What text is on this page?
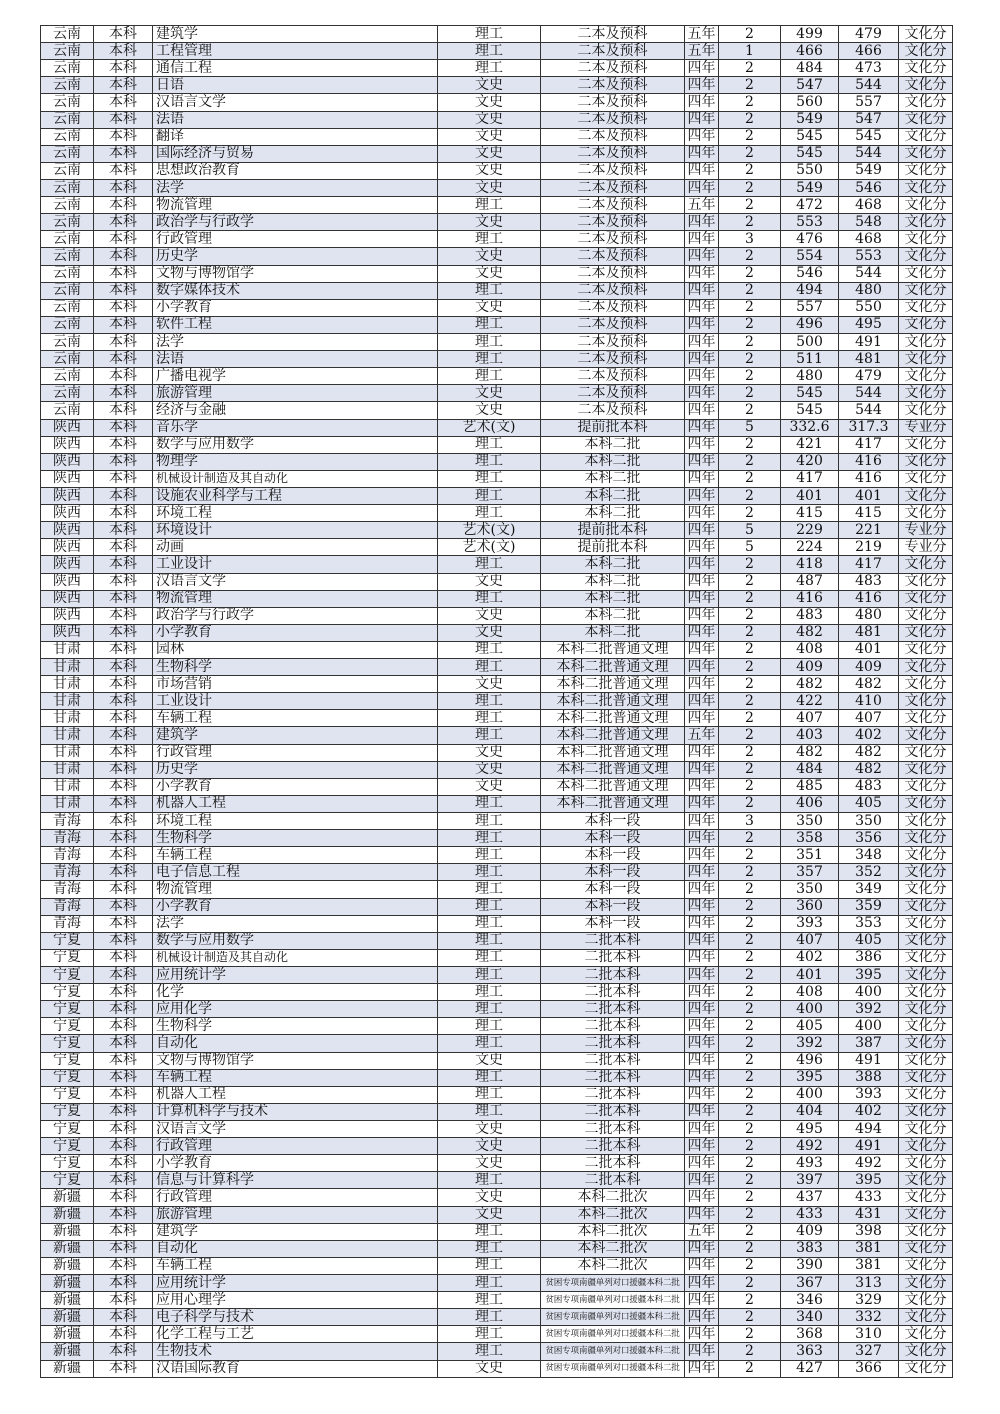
云南	本科	建筑学	理工	二本及预科	五年	2	499	479	文化分
云南	本科	工程管理	理工	二本及预科	五年	1	466	466	文化分
云南	本科	通信工程	理工	二本及预科	四年	2	484	473	文化分
云南	本科	日语	文史	二本及预科	四年	2	547	544	文化分
云南	本科	汉语言文学	文史	二本及预科	四年	2	560	557	文化分
云南	本科	法语	文史	二本及预科	四年	2	549	547	文化分
云南	本科	翻译	文史	二本及预科	四年	2	545	545	文化分
云南	本科	国际经济与贸易	文史	二本及预科	四年	2	545	544	文化分
云南	本科	思想政治教育	文史	二本及预科	四年	2	550	549	文化分
云南	本科	法学	文史	二本及预科	四年	2	549	546	文化分
云南	本科	物流管理	理工	二本及预科	五年	2	472	468	文化分
云南	本科	政治学与行政学	文史	二本及预科	四年	2	553	548	文化分
云南	本科	行政管理	理工	二本及预科	四年	3	476	468	文化分
云南	本科	历史学	文史	二本及预科	四年	2	554	553	文化分
云南	本科	文物与博物馆学	文史	二本及预科	四年	2	546	544	文化分
云南	本科	数字媒体技术	理工	二本及预科	四年	2	494	480	文化分
云南	本科	小学教育	文史	二本及预科	四年	2	557	550	文化分
云南	本科	软件工程	理工	二本及预科	四年	2	496	495	文化分
云南	本科	法学	理工	二本及预科	四年	2	500	491	文化分
云南	本科	法语	理工	二本及预科	四年	2	511	481	文化分
云南	本科	广播电视学	理工	二本及预科	四年	2	480	479	文化分
云南	本科	旅游管理	文史	二本及预科	四年	2	545	544	文化分
云南	本科	经济与金融	文史	二本及预科	四年	2	545	544	文化分
陕西	本科	音乐学	艺术(文)	提前批本科	四年	5	332.6	317.3	专业分
陕西	本科	数学与应用数学	理工	本科二批	四年	2	421	417	文化分
陕西	本科	物理学	理工	本科二批	四年	2	420	416	文化分
陕西	本科	机械设计制造及其自动化	理工	本科二批	四年	2	417	416	文化分
陕西	本科	设施农业科学与工程	理工	本科二批	四年	2	401	401	文化分
陕西	本科	环境工程	理工	本科二批	四年	2	415	415	文化分
陕西	本科	环境设计	艺术(文)	提前批本科	四年	5	229	221	专业分
陕西	本科	动画	艺术(文)	提前批本科	四年	5	224	219	专业分
陕西	本科	工业设计	理工	本科二批	四年	2	418	417	文化分
陕西	本科	汉语言文学	文史	本科二批	四年	2	487	483	文化分
陕西	本科	物流管理	理工	本科二批	四年	2	416	416	文化分
陕西	本科	政治学与行政学	文史	本科二批	四年	2	483	480	文化分
陕西	本科	小学教育	文史	本科二批	四年	2	482	481	文化分
甘肃	本科	园林	理工	本科二批普通文理	四年	2	408	401	文化分
甘肃	本科	生物科学	理工	本科二批普通文理	四年	2	409	409	文化分
甘肃	本科	市场营销	文史	本科二批普通文理	四年	2	482	482	文化分
甘肃	本科	工业设计	理工	本科二批普通文理	四年	2	422	410	文化分
甘肃	本科	车辆工程	理工	本科二批普通文理	四年	2	407	407	文化分
甘肃	本科	建筑学	理工	本科二批普通文理	五年	2	403	402	文化分
甘肃	本科	行政管理	文史	本科二批普通文理	四年	2	482	482	文化分
甘肃	本科	历史学	文史	本科二批普通文理	四年	2	484	482	文化分
甘肃	本科	小学教育	文史	本科二批普通文理	四年	2	485	483	文化分
甘肃	本科	机器人工程	理工	本科二批普通文理	四年	2	406	405	文化分
青海	本科	环境工程	理工	本科一段	四年	3	350	350	文化分
青海	本科	生物科学	理工	本科一段	四年	2	358	356	文化分
青海	本科	车辆工程	理工	本科一段	四年	2	351	348	文化分
青海	本科	电子信息工程	理工	本科一段	四年	2	357	352	文化分
青海	本科	物流管理	理工	本科一段	四年	2	350	349	文化分
青海	本科	小学教育	理工	本科一段	四年	2	360	359	文化分
青海	本科	法学	理工	本科一段	四年	2	393	353	文化分
宁夏	本科	数学与应用数学	理工	二批本科	四年	2	407	405	文化分
宁夏	本科	机械设计制造及其自动化	理工	二批本科	四年	2	402	386	文化分
宁夏	本科	应用统计学	理工	二批本科	四年	2	401	395	文化分
宁夏	本科	化学	理工	二批本科	四年	2	408	400	文化分
宁夏	本科	应用化学	理工	二批本科	四年	2	400	392	文化分
宁夏	本科	生物科学	理工	二批本科	四年	2	405	400	文化分
宁夏	本科	自动化	理工	二批本科	四年	2	392	387	文化分
宁夏	本科	文物与博物馆学	文史	二批本科	四年	2	496	491	文化分
宁夏	本科	车辆工程	理工	二批本科	四年	2	395	388	文化分
宁夏	本科	机器人工程	理工	二批本科	四年	2	400	393	文化分
宁夏	本科	计算机科学与技术	理工	二批本科	四年	2	404	402	文化分
宁夏	本科	汉语言文学	文史	二批本科	四年	2	495	494	文化分
宁夏	本科	行政管理	文史	二批本科	四年	2	492	491	文化分
宁夏	本科	小学教育	文史	二批本科	四年	2	493	492	文化分
宁夏	本科	信息与计算科学	理工	二批本科	四年	2	397	395	文化分
新疆	本科	行政管理	文史	本科二批次	四年	2	437	433	文化分
新疆	本科	旅游管理	文史	本科二批次	四年	2	433	431	文化分
新疆	本科	建筑学	理工	本科二批次	五年	2	409	398	文化分
新疆	本科	自动化	理工	本科二批次	四年	2	383	381	文化分
新疆	本科	车辆工程	理工	本科二批次	四年	2	390	381	文化分
新疆	本科	应用统计学	理工	贫困专项南疆单列对口援疆本科二批	四年	2	367	313	文化分
新疆	本科	应用心理学	理工	贫困专项南疆单列对口援疆本科二批	四年	2	346	329	文化分
新疆	本科	电子科学与技术	理工	贫困专项南疆单列对口援疆本科二批	四年	2	340	332	文化分
新疆	本科	化学工程与工艺	理工	贫困专项南疆单列对口援疆本科二批	四年	2	368	310	文化分
新疆	本科	生物技术	理工	贫困专项南疆单列对口援疆本科二批	四年	2	363	327	文化分
新疆	本科	汉语国际教育	文史	贫困专项南疆单列对口援疆本科二批	四年	2	427	366	文化分
